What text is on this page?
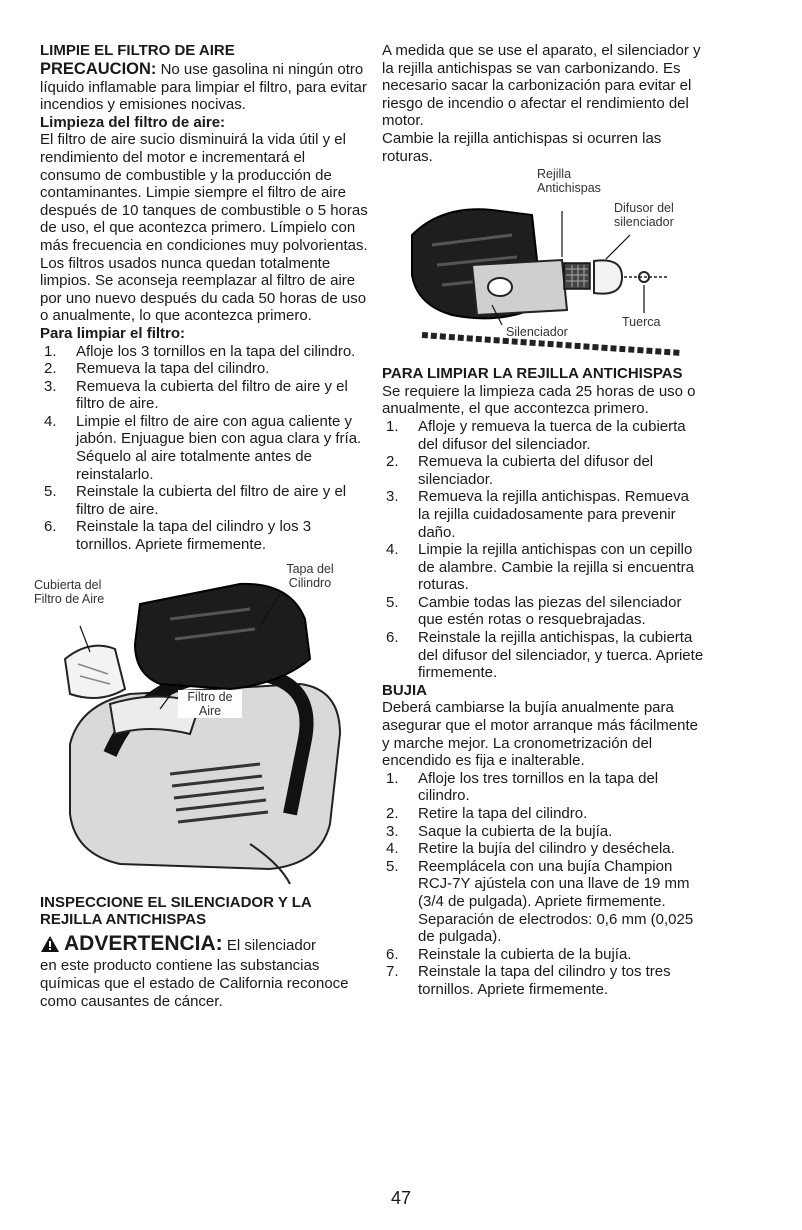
LIMPIE EL FILTRO DE AIRE

PRECAUCION: No use gasolina ni ningún otro líquido inflamable para limpiar el filtro, para evitar incendios y emisiones nocivas.

Limpieza del filtro de aire:

El filtro de aire sucio disminuirá la vida útil y el rendimiento del motor e incrementará el consumo de combustible y la producción de contaminantes. Limpie siempre el filtro de aire después de 10 tanques de combustible o 5 horas de uso, el que acontezca primero. Límpielo con más frecuencia en condiciones muy polvorientas. Los filtros usados nunca quedan totalmente limpios. Se aconseja reemplazar al filtro de aire por uno nuevo después du cada 50 horas de uso o anualmente, lo que acontezca primero.

Para limpiar el filtro:

1. Afloje los 3 tornillos en la tapa del cilindro.
2. Remueva la tapa del cilindro.
3. Remueva la cubierta del filtro de aire y el filtro de aire.
4. Limpie el filtro de aire con agua caliente y jabón. Enjuague bien con agua clara y fría. Séquelo al aire totalmente antes de reinstalarlo.
5. Reinstale la cubierta del filtro de aire y el filtro de aire.
6. Reinstale la tapa del cilindro y los 3 tornillos. Apriete firmemente.
Cubierta del Filtro de Aire
Tapa del Cilindro
Filtro de Aire

INSPECCIONE EL SILENCIADOR Y LA REJILLA ANTICHISPAS

ADVERTENCIA: El silenciador

en este producto contiene las substancias químicas que el estado de California reconoce como causantes de cáncer.

A medida que se use el aparato, el silenciador y la rejilla antichispas se van carbonizando. Es necesario sacar la carbonización para evitar el riesgo de incendio o afectar el rendimiento del motor.

Cambie la rejilla antichispas si ocurren las roturas.

Rejilla Antichispas
Difusor del silenciador
Tuerca
Silenciador

PARA LIMPIAR LA REJILLA ANTICHISPAS

Se requiere la limpieza cada 25 horas de uso o anualmente, el que accontezca primero.

1. Afloje y remueva la tuerca de la cubierta del difusor del silenciador.
2. Remueva la cubierta del difusor del silenciador.
3. Remueva la rejilla antichispas. Remueva la rejilla cuidadosamente para prevenir daño.
4. Limpie la rejilla antichispas con un cepillo de alambre. Cambie la rejilla si encuentra roturas.
5. Cambie todas las piezas del silenciador que estén rotas o resquebrajadas.
6. Reinstale la rejilla antichispas, la cubierta del difusor del silenciador, y tuerca. Apriete firmemente.

BUJIA

Deberá cambiarse la bujía anualmente para asegurar que el motor arranque más fácilmente y marche mejor. La cronometrización del encendido es fija e inalterable.

1. Afloje los tres tornillos en la tapa del cilindro.
2. Retire la tapa del cilindro.
3. Saque la cubierta de la bujía.
4. Retire la bujía del cilindro y deséchela.
5. Reemplácela con una bujía Champion RCJ-7Y ajústela con una llave de 19 mm (3/4 de pulgada). Apriete firmemente. Separación de electrodos: 0,6 mm (0,025 de pulgada).
6. Reinstale la cubierta de la bujía.
7. Reinstale la tapa del cilindro y tos tres tornillos. Apriete firmemente.
47
